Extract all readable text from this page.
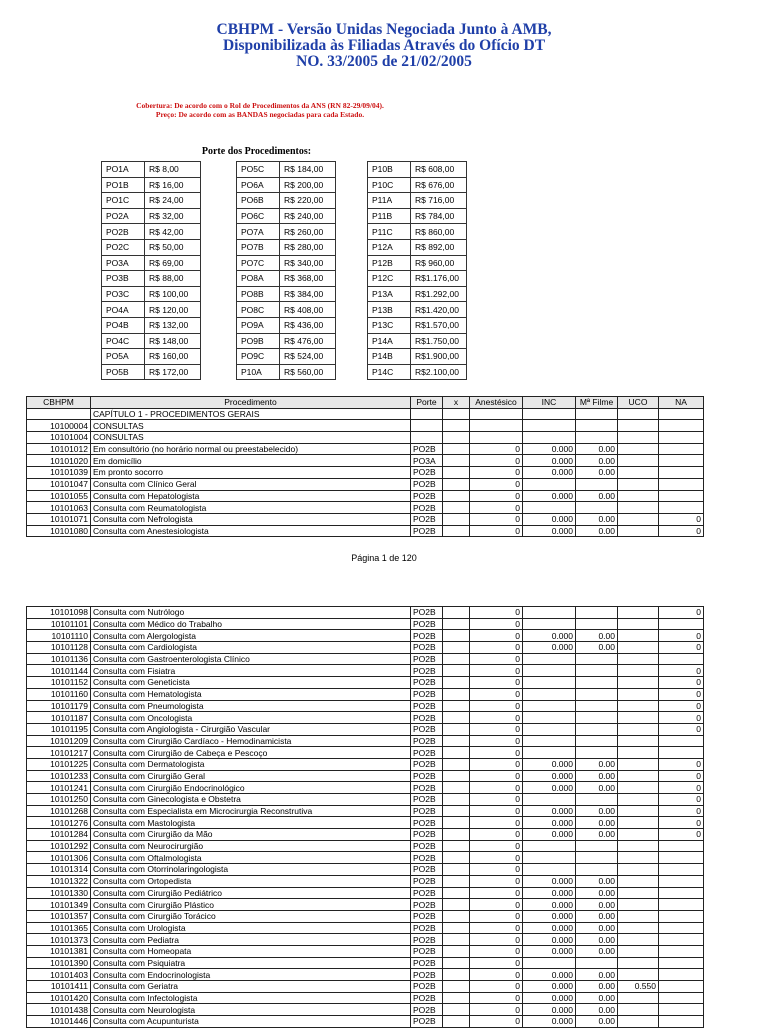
CBHPM - Versão Unidas Negociada Junto à AMB,
Disponibilizada às Filiadas Através do Ofício DT
NO. 33/2005 de 21/02/2005
Cobertura: De acordo com o Rol de Procedimentos da ANS (RN 82-29/09/04).
Preço: De acordo com as BANDAS negociadas para cada Estado.
Porte dos Procedimentos:
PO1A	R$ 8,00
PO1B	R$ 16,00
PO1C	R$ 24,00
PO2A	R$ 32,00
PO2B	R$ 42,00
PO2C	R$ 50,00
PO3A	R$ 69,00
PO3B	R$ 88,00
PO3C	R$ 100,00
PO4A	R$ 120,00
PO4B	R$ 132,00
PO4C	R$ 148,00
PO5A	R$ 160,00
PO5B	R$ 172,00
PO5C	R$ 184,00
PO6A	R$ 200,00
PO6B	R$ 220,00
PO6C	R$ 240,00
PO7A	R$ 260,00
PO7B	R$ 280,00
PO7C	R$ 340,00
PO8A	R$ 368,00
PO8B	R$ 384,00
PO8C	R$ 408,00
PO9A	R$ 436,00
PO9B	R$ 476,00
PO9C	R$ 524,00
P10A	R$ 560,00
P10B	R$ 608,00
P10C	R$ 676,00
P11A	R$ 716,00
P11B	R$ 784,00
P11C	R$ 860,00
P12A	R$ 892,00
P12B	R$ 960,00
P12C	R$1.176,00
P13A	R$1.292,00
P13B	R$1.420,00
P13C	R$1.570,00
P14A	R$1.750,00
P14B	R$1.900,00
P14C	R$2.100,00
CBHPM	Procedimento	Porte	x	Anestésico	INC	Mª Filme	UCO	NA
	CAPÍTULO 1 - PROCEDIMENTOS GERAIS							
10100004	CONSULTAS							
10101004	CONSULTAS							
10101012	Em consultório (no horário normal ou preestabelecido)	PO2B		0	0.000	0.00		
10101020	Em domicílio	PO3A		0	0.000	0.00		
10101039	Em pronto socorro	PO2B		0	0.000	0.00		
10101047	Consulta com Clínico Geral	PO2B		0				
10101055	Consulta com Hepatologista	PO2B		0	0.000	0.00		
10101063	Consulta com Reumatologista	PO2B		0				
10101071	Consulta com Nefrologista	PO2B		0	0.000	0.00		0
10101080	Consulta com Anestesiologista	PO2B		0	0.000	0.00		0
Página 1 de 120
10101098	Consulta com Nutrólogo	PO2B		0				0
10101101	Consulta com Médico do Trabalho	PO2B		0				
10101110	Consulta com Alergologista	PO2B		0	0.000	0.00		0
10101128	Consulta com Cardiologista	PO2B		0	0.000	0.00		0
10101136	Consulta com Gastroenterologista Clínico	PO2B		0				
10101144	Consulta com Fisiatra	PO2B		0				0
10101152	Consulta com Geneticista	PO2B		0				0
10101160	Consulta com Hematologista	PO2B		0				0
10101179	Consulta com Pneumologista	PO2B		0				0
10101187	Consulta com Oncologista	PO2B		0				0
10101195	Consulta com Angiologista - Cirurgião Vascular	PO2B		0				0
10101209	Consulta com Cirurgião Cardíaco - Hemodinamicista	PO2B		0				
10101217	Consulta com Cirurgião de Cabeça e Pescoço	PO2B		0				
10101225	Consulta com Dermatologista	PO2B		0	0.000	0.00		0
10101233	Consulta com Cirurgião Geral	PO2B		0	0.000	0.00		0
10101241	Consulta com Cirurgião Endocrinológico	PO2B		0	0.000	0.00		0
10101250	Consulta com Ginecologista e Obstetra	PO2B		0				0
10101268	Consulta com Especialista em Microcirurgia Reconstrutiva	PO2B		0	0.000	0.00		0
10101276	Consulta com Mastologista	PO2B		0	0.000	0.00		0
10101284	Consulta com Cirurgião da Mão	PO2B		0	0.000	0.00		0
10101292	Consulta com Neurocirurgião	PO2B		0				
10101306	Consulta com Oftalmologista	PO2B		0				
10101314	Consulta com Otorrinolaringologista	PO2B		0				
10101322	Consulta com Ortopedista	PO2B		0	0.000	0.00		
10101330	Consulta com Cirurgião Pediátrico	PO2B		0	0.000	0.00		
10101349	Consulta com Cirurgião Plástico	PO2B		0	0.000	0.00		
10101357	Consulta com Cirurgião Torácico	PO2B		0	0.000	0.00		
10101365	Consulta com Urologista	PO2B		0	0.000	0.00		
10101373	Consulta com Pediatra	PO2B		0	0.000	0.00		
10101381	Consulta com Homeopata	PO2B		0	0.000	0.00		
10101390	Consulta com Psiquiatra	PO2B		0				
10101403	Consulta com Endocrinologista	PO2B		0	0.000	0.00		
10101411	Consulta com Geriatra	PO2B		0	0.000	0.00	0.550	
10101420	Consulta com Infectologista	PO2B		0	0.000	0.00		
10101438	Consulta com Neurologista	PO2B		0	0.000	0.00		
10101446	Consulta com Acupunturista	PO2B		0	0.000	0.00		
